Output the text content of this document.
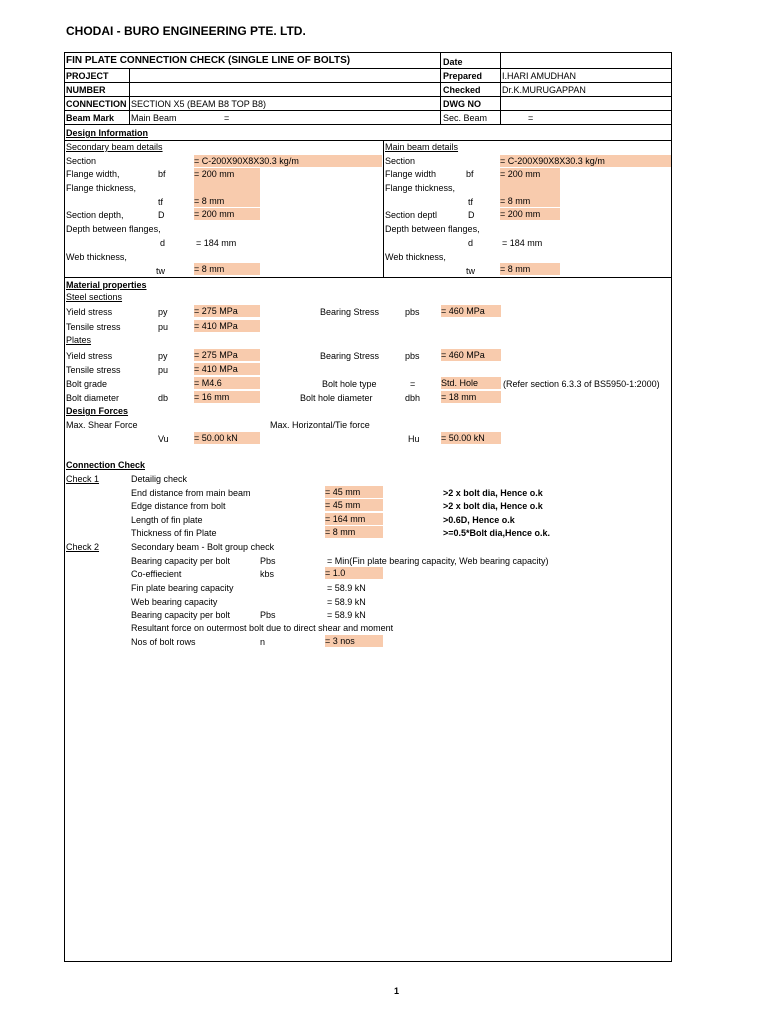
CHODAI - BURO ENGINEERING PTE. LTD.
FIN PLATE CONNECTION CHECK (SINGLE LINE OF BOLTS)	Date
PROJECT	Prepared I.HARI AMUDHAN
NUMBER	Checked Dr.K.MURUGAPPAN
CONNECTION SECTION X5 (BEAM B8 TOP B8)	DWG NO
Beam Mark Main Beam	=	Sec. Beam	=
Design Information
Secondary beam details
Section	= C-200X90X8X30.3 kg/m
Flange width,	bf	= 200 mm
Flange thickness,
tf	= 8 mm
Section depth,	D	= 200 mm
Depth between flanges,
d	= 184 mm
Web thickness,
tw	= 8 mm
Main beam details
Section	= C-200X90X8X30.3 kg/m
Flange width	bf	= 200 mm
Flange thickness,
tf	= 8 mm
Section deptl	D	= 200 mm
Depth between flanges,
d	= 184 mm
Web thickness,
tw	= 8 mm
Material properties
Steel sections
Yield stress	py	= 275 MPa	Bearing Stress	pbs = 460 MPa
Tensile stress	pu	= 410 MPa
Plates
Yield stress	py	= 275 MPa	Bearing Stress	pbs = 460 MPa
Tensile stress	pu	= 410 MPa
Bolt grade	= M4.6	Bolt hole type	=	Std. Hole	(Refer section 6.3.3 of BS5950-1:2000)
Bolt diameter	db	= 16 mm	Bolt hole diameter	dbh = 18 mm
Design Forces
Max. Shear Force	Max. Horizontal/Tie force
Vu	= 50.00 kN	Hu = 50.00 kN
Connection Check
Check 1	Detailig check
End distance from main beam	= 45 mm	>2 x bolt dia, Hence o.k
Edge distance from bolt	= 45 mm	>2 x bolt dia, Hence o.k
Length of fin plate	= 164 mm	>0.6D, Hence o.k
Thickness of fin Plate	= 8 mm	>=0.5*Bolt dia,Hence o.k.
Check 2	Secondary beam - Bolt group check
Bearing capacity per bolt	Pbs	= Min(Fin plate bearing capacity, Web bearing capacity)
Co-effiecient	kbs	= 1.0
Fin plate bearing capacity	= 58.9 kN
Web bearing capacity	= 58.9 kN
Bearing capacity per bolt	Pbs	= 58.9 kN
Resultant force on outermost bolt due to direct shear and moment
Nos of bolt rows	n	= 3 nos
1
